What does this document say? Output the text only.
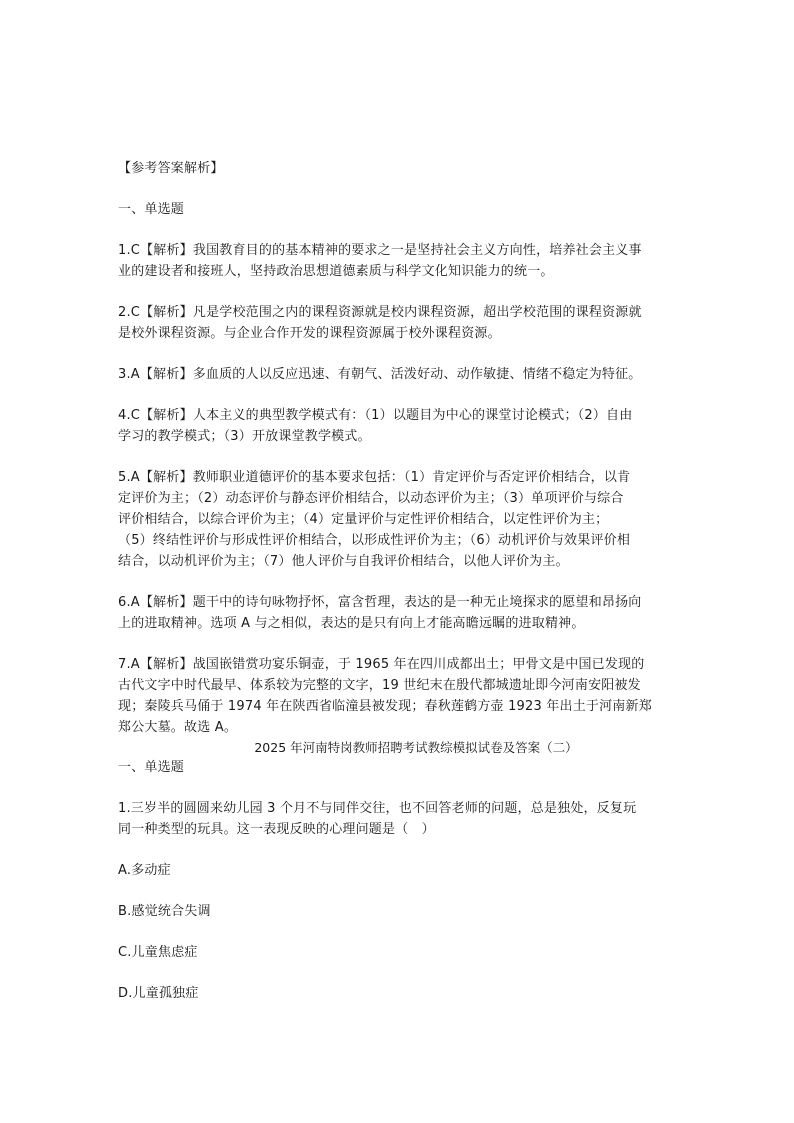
【参考答案解析】
一、单选题
1.C【解析】我国教育目的的基本精神的要求之一是坚持社会主义方向性，培养社会主义事
业的建设者和接班人，坚持政治思想道德素质与科学文化知识能力的统一。
2.C【解析】凡是学校范围之内的课程资源就是校内课程资源，超出学校范围的课程资源就
是校外课程资源。与企业合作开发的课程资源属于校外课程资源。
3.A【解析】多血质的人以反应迅速、有朝气、活泼好动、动作敏捷、情绪不稳定为特征。
4.C【解析】人本主义的典型教学模式有：（1）以题目为中心的课堂讨论模式；（2）自由
学习的教学模式；（3）开放课堂教学模式。
5.A【解析】教师职业道德评价的基本要求包括：（1）肯定评价与否定评价相结合，以肯
定评价为主；（2）动态评价与静态评价相结合，以动态评价为主；（3）单项评价与综合
评价相结合，以综合评价为主；（4）定量评价与定性评价相结合，以定性评价为主；
（5）终结性评价与形成性评价相结合，以形成性评价为主；（6）动机评价与效果评价相
结合，以动机评价为主；（7）他人评价与自我评价相结合，以他人评价为主。
6.A【解析】题干中的诗句咏物抒怀，富含哲理，表达的是一种无止境探求的愿望和昂扬向
上的进取精神。选项 A 与之相似，表达的是只有向上才能高瞻远瞩的进取精神。
7.A【解析】战国嵌错赏功宴乐铜壶，于 1965 年在四川成都出土；甲骨文是中国已发现的
古代文字中时代最早、体系较为完整的文字，19 世纪末在殷代都城遗址即今河南安阳被发
现；秦陵兵马俑于 1974 年在陕西省临潼县被发现；春秋莲鹤方壶 1923 年出土于河南新郑
郑公大墓。故选 A。
2025 年河南特岗教师招聘考试教综模拟试卷及答案（二）
一、单选题
1.三岁半的圆圆来幼儿园 3 个月不与同伴交往，也不回答老师的问题，总是独处，反复玩
同一种类型的玩具。这一表现反映的心理问题是（　）
A.多动症
B.感觉统合失调
C.儿童焦虑症
D.儿童孤独症
